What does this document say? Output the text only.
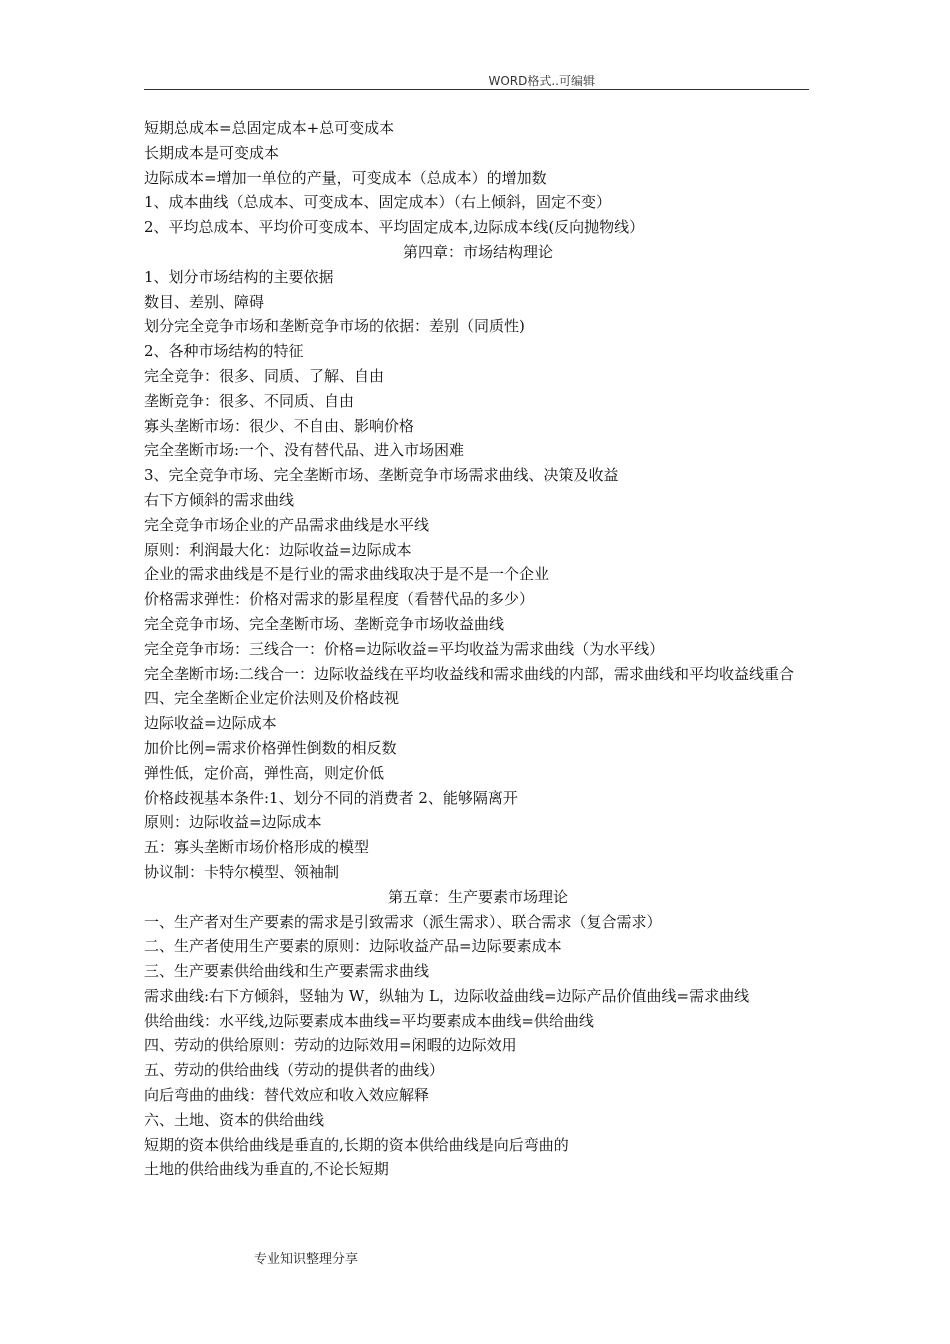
WORD格式..可编辑
短期总成本=总固定成本+总可变成本
长期成本是可变成本
边际成本=增加一单位的产量，可变成本（总成本）的增加数
1、成本曲线（总成本、可变成本、固定成本）（右上倾斜，固定不变）
2、平均总成本、平均价可变成本、平均固定成本,边际成本线(反向抛物线）
第四章：市场结构理论
1、划分市场结构的主要依据
数目、差别、障碍
划分完全竞争市场和垄断竞争市场的依据：差别（同质性)
2、各种市场结构的特征
完全竞争：很多、同质、了解、自由
垄断竞争：很多、不同质、自由
寡头垄断市场：很少、不自由、影响价格
完全垄断市场:一个、没有替代品、进入市场困难
3、完全竞争市场、完全垄断市场、垄断竞争市场需求曲线、决策及收益
右下方倾斜的需求曲线
完全竞争市场企业的产品需求曲线是水平线
原则：利润最大化：边际收益=边际成本
企业的需求曲线是不是行业的需求曲线取决于是不是一个企业
价格需求弹性：价格对需求的影星程度（看替代品的多少）
完全竞争市场、完全垄断市场、垄断竞争市场收益曲线
完全竞争市场：三线合一：价格=边际收益=平均收益为需求曲线（为水平线）
完全垄断市场:二线合一：边际收益线在平均收益线和需求曲线的内部，需求曲线和平均收益线重合
四、完全垄断企业定价法则及价格歧视
边际收益=边际成本
加价比例=需求价格弹性倒数的相反数
弹性低，定价高，弹性高，则定价低
价格歧视基本条件:1、划分不同的消费者 2、能够隔离开
原则：边际收益=边际成本
五：寡头垄断市场价格形成的模型
协议制：卡特尔模型、领袖制
第五章：生产要素市场理论
一、生产者对生产要素的需求是引致需求（派生需求）、联合需求（复合需求）
二、生产者使用生产要素的原则：边际收益产品=边际要素成本
三、生产要素供给曲线和生产要素需求曲线
需求曲线:右下方倾斜，竖轴为 W，纵轴为 L，边际收益曲线=边际产品价值曲线=需求曲线
供给曲线：水平线,边际要素成本曲线=平均要素成本曲线=供给曲线
四、劳动的供给原则：劳动的边际效用=闲暇的边际效用
五、劳动的供给曲线（劳动的提供者的曲线）
向后弯曲的曲线：替代效应和收入效应解释
六、土地、资本的供给曲线
短期的资本供给曲线是垂直的,长期的资本供给曲线是向后弯曲的
土地的供给曲线为垂直的,不论长短期
专业知识整理分享
